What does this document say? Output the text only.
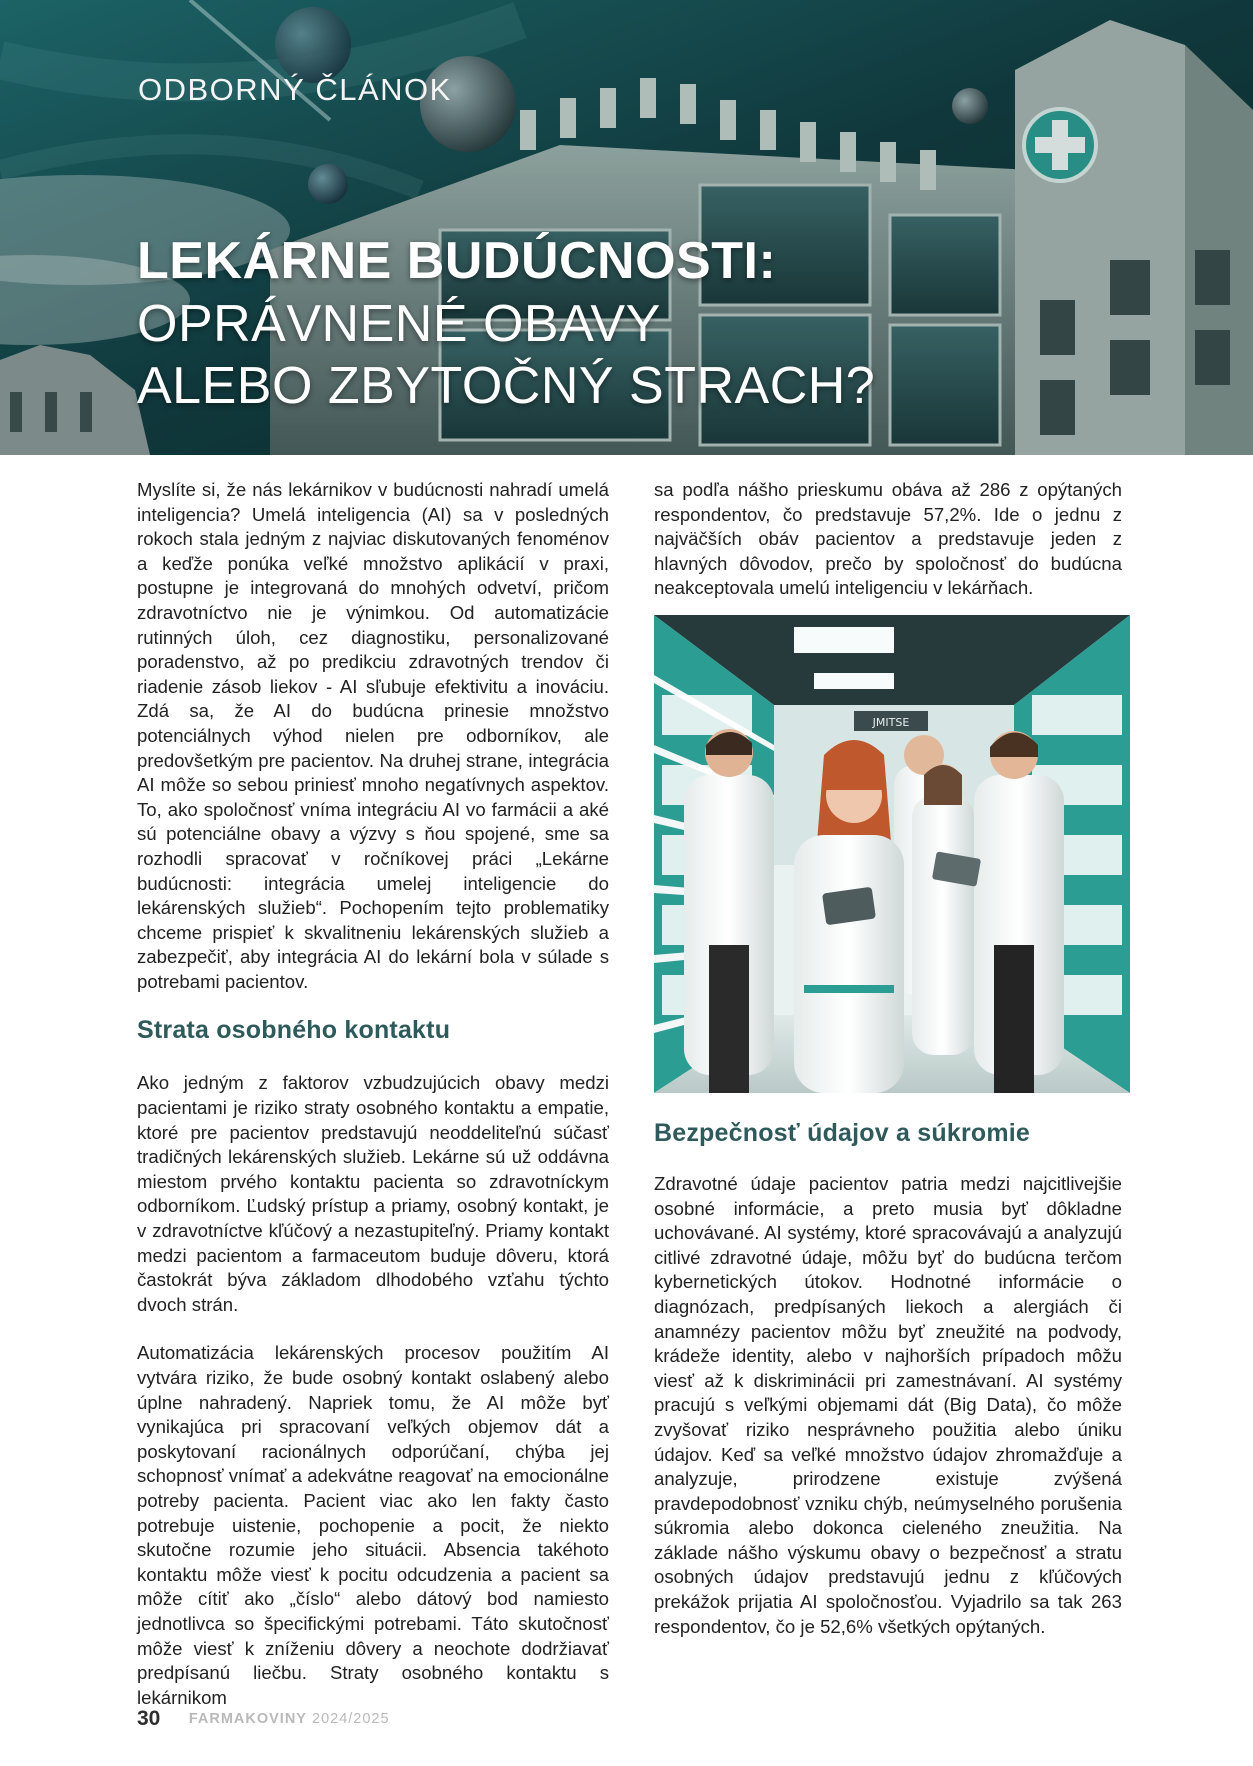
ODBORNÝ ČLÁNOK
LEKÁRNE BUDÚCNOSTI:
OPRÁVNENÉ OBAVY
ALEBO ZBYTOČNÝ STRACH?

Myslíte si, že nás lekárnikov v budúcnosti nahradí umelá inteligencia? Umelá inteligencia (AI) sa v posledných rokoch stala jedným z najviac diskutovaných fenoménov a keďže ponúka veľké množstvo aplikácií v praxi, postupne je integrovaná do mnohých odvetví, pričom zdravotníctvo nie je výnimkou. Od automatizácie rutinných úloh, cez diagnostiku, personalizované poradenstvo, až po predikciu zdravotných trendov či riadenie zásob liekov - AI sľubuje efektivitu a inováciu. Zdá sa, že AI do budúcna prinesie množstvo potenciálnych výhod nielen pre odborníkov, ale predovšetkým pre pacientov. Na druhej strane, integrácia AI môže so sebou priniesť mnoho negatívnych aspektov. To, ako spoločnosť vníma integráciu AI vo farmácii a aké sú potenciálne obavy a výzvy s ňou spojené, sme sa rozhodli spracovať v ročníkovej práci „Lekárne budúcnosti: integrácia umelej inteligencie do lekárenských služieb“. Pochopením tejto problematiky chceme prispieť k skvalitneniu lekárenských služieb a zabezpečiť, aby integrácia AI do lekární bola v súlade s potrebami pacientov.

Strata osobného kontaktu

Ako jedným z faktorov vzbudzujúcich obavy medzi pacientami je riziko straty osobného kontaktu a empatie, ktoré pre pacientov predstavujú neoddeliteľnú súčasť tradičných lekárenských služieb. Lekárne sú už oddávna miestom prvého kontaktu pacienta so zdravotníckym odborníkom. Ľudský prístup a priamy, osobný kontakt, je v zdravotníctve kľúčový a nezastupiteľný. Priamy kontakt medzi pacientom a farmaceutom buduje dôveru, ktorá častokrát býva základom dlhodobého vzťahu týchto dvoch strán.

Automatizácia lekárenských procesov použitím AI vytvára riziko, že bude osobný kontakt oslabený alebo úplne nahradený. Napriek tomu, že AI môže byť vynikajúca pri spracovaní veľkých objemov dát a poskytovaní racionálnych odporúčaní, chýba jej schopnosť vnímať a adekvátne reagovať na emocionálne potreby pacienta. Pacient viac ako len fakty často potrebuje uistenie, pochopenie a pocit, že niekto skutočne rozumie jeho situácii. Absencia takéhoto kontaktu môže viesť k pocitu odcudzenia a pacient sa môže cítiť ako „číslo“ alebo dátový bod namiesto jednotlivca so špecifickými potrebami. Táto skutočnosť môže viesť k zníženiu dôvery a neochote dodržiavať predpísanú liečbu. Straty osobného kontaktu s lekárnikom

sa podľa nášho prieskumu obáva až 286 z opýtaných respondentov, čo predstavuje 57,2%. Ide o jednu z najväčších obáv pacientov a predstavuje jeden z hlavných dôvodov, prečo by spoločnosť do budúcna neakceptovala umelú inteligenciu v lekárňach.

JMITSE
Bezpečnosť údajov a súkromie

Zdravotné údaje pacientov patria medzi najcitlivejšie osobné informácie, a preto musia byť dôkladne uchovávané. AI systémy, ktoré spracovávajú a analyzujú citlivé zdravotné údaje, môžu byť do budúcna terčom kybernetických útokov. Hodnotné informácie o diagnózach, predpísaných liekoch a alergiách či anamnézy pacientov môžu byť zneužité na podvody, krádeže identity, alebo v najhorších prípadoch môžu viesť až k diskriminácii pri zamestnávaní. AI systémy pracujú s veľkými objemami dát (Big Data), čo môže zvyšovať riziko nesprávneho použitia alebo úniku údajov. Keď sa veľké množstvo údajov zhromažďuje a analyzuje, prirodzene existuje zvýšená pravdepodobnosť vzniku chýb, neúmyselného porušenia súkromia alebo dokonca cieleného zneužitia. Na základe nášho výskumu obavy o bezpečnosť a stratu osobných údajov predstavujú jednu z kľúčových prekážok prijatia AI spoločnosťou. Vyjadrilo sa tak 263 respondentov, čo je 52,6% všetkých opýtaných.

30 FARMAKOVINY 2024/2025
